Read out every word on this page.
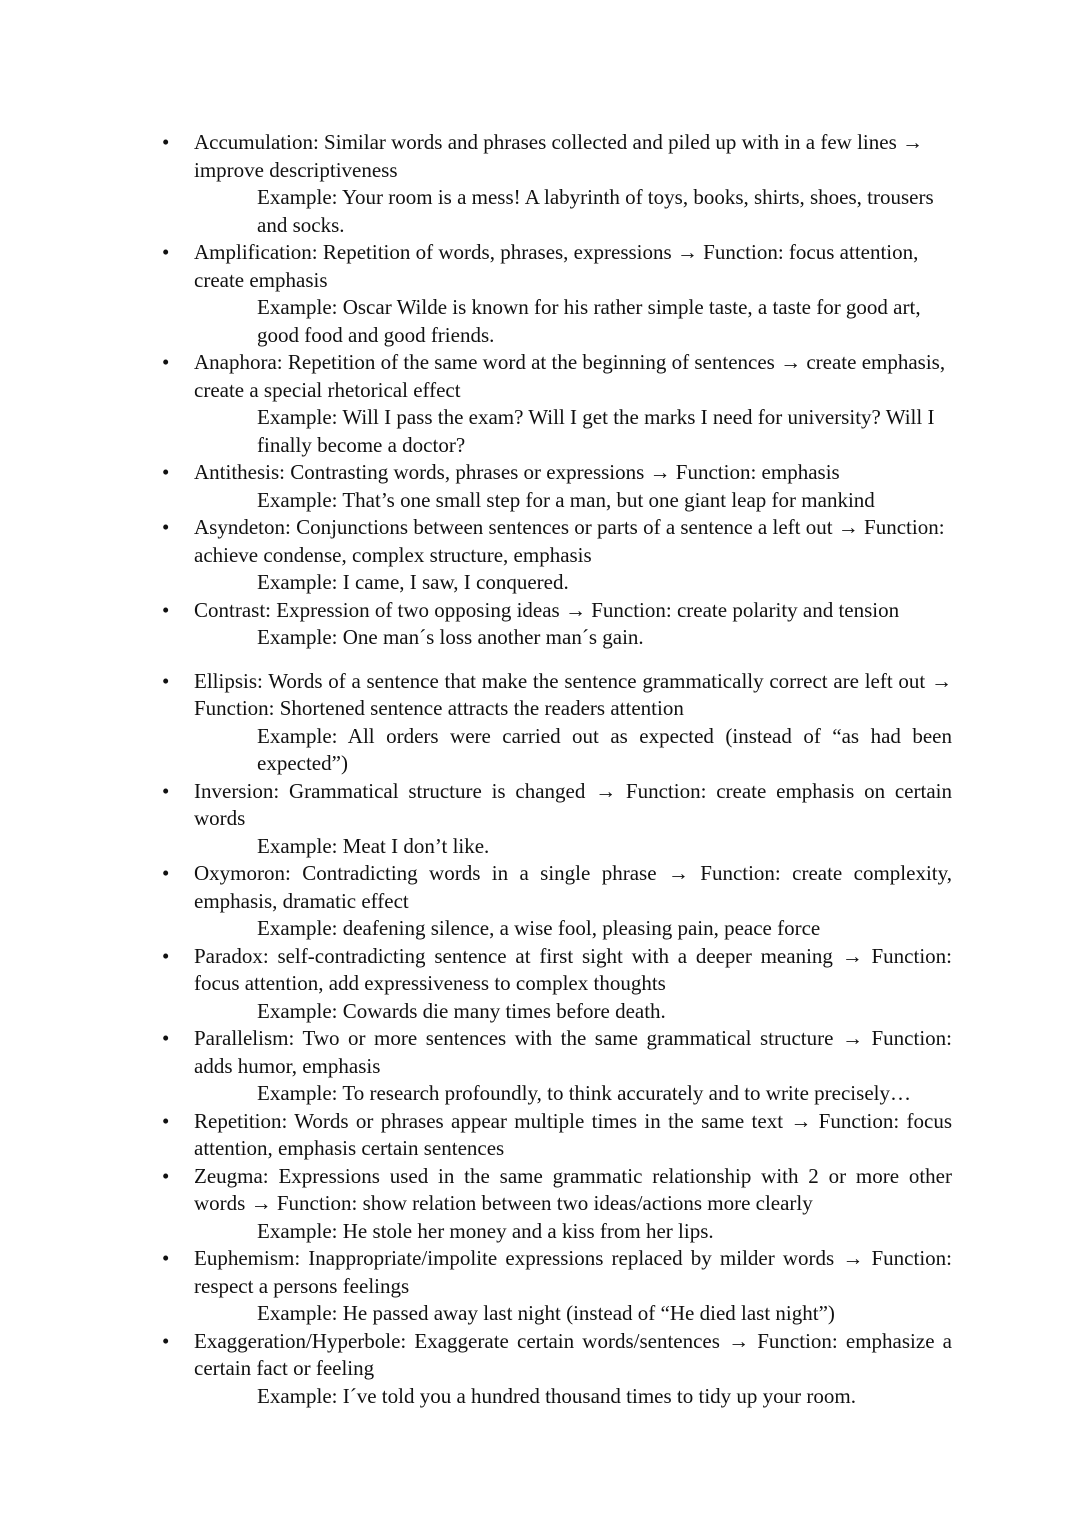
• Accumulation: Similar words and phrases collected and piled up with in a few lines → improve descriptiveness

Example: Your room is a mess! A labyrinth of toys, books, shirts, shoes, trousers and socks.

• Amplification: Repetition of words, phrases, expressions → Function: focus attention, create emphasis

Example: Oscar Wilde is known for his rather simple taste, a taste for good art, good food and good friends.

• Anaphora: Repetition of the same word at the beginning of sentences → create emphasis, create a special rhetorical effect

Example: Will I pass the exam? Will I get the marks I need for university? Will I finally become a doctor?

• Antithesis: Contrasting words, phrases or expressions → Function: emphasis

Example: That’s one small step for a man, but one giant leap for mankind

• Asyndeton: Conjunctions between sentences or parts of a sentence a left out → Function: achieve condense, complex structure, emphasis

Example: I came, I saw, I conquered.

• Contrast: Expression of two opposing ideas → Function: create polarity and tension

Example: One man´s loss another man´s gain.

• Ellipsis: Words of a sentence that make the sentence grammatically correct are left out → Function: Shortened sentence attracts the readers attention

Example: All orders were carried out as expected (instead of “as had been expected”)

• Inversion: Grammatical structure is changed → Function: create emphasis on certain words

Example: Meat I don’t like.

• Oxymoron: Contradicting words in a single phrase → Function: create complexity, emphasis, dramatic effect

Example: deafening silence, a wise fool, pleasing pain, peace force

• Paradox: self-contradicting sentence at first sight with a deeper meaning → Function: focus attention, add expressiveness to complex thoughts

Example: Cowards die many times before death.

• Parallelism: Two or more sentences with the same grammatical structure → Function: adds humor, emphasis

Example: To research profoundly, to think accurately and to write precisely…

• Repetition: Words or phrases appear multiple times in the same text → Function: focus attention, emphasis certain sentences

• Zeugma: Expressions used in the same grammatic relationship with 2 or more other words → Function: show relation between two ideas/actions more clearly

Example: He stole her money and a kiss from her lips.

• Euphemism: Inappropriate/impolite expressions replaced by milder words → Function: respect a persons feelings

Example: He passed away last night (instead of “He died last night”)

• Exaggeration/Hyperbole: Exaggerate certain words/sentences → Function: emphasize a certain fact or feeling

Example: I´ve told you a hundred thousand times to tidy up your room.
